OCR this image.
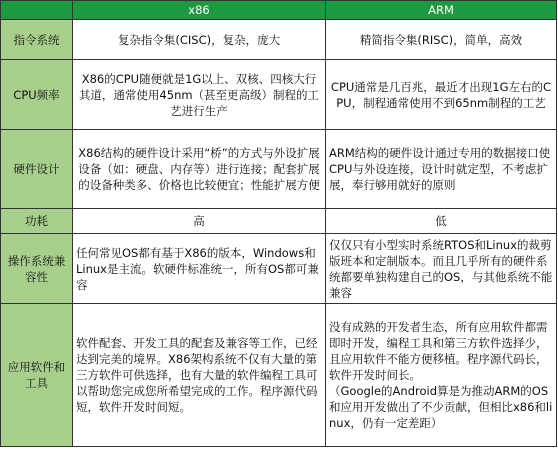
	x86	ARM
指令系统	复杂指令集(CISC)，复杂，庞大	精简指令集(RISC)，简单，高效
CPU频率	X86的CPU随便就是1G以上、双核、四核大行其道，通常使用45nm（甚至更高级）制程的工艺进行生产	CPU通常是几百兆，最近才出现1G左右的CPU，制程通常使用不到65nm制程的工艺
硬件设计	X86结构的硬件设计采用“桥”的方式与外设扩展设备（如：硬盘、内存等）进行连接；配套扩展的设备种类多、价格也比较便宜；性能扩展方便	ARM结构的硬件设计通过专用的数据接口使CPU与外设连接，设计时就定型，不考虑扩展，奉行够用就好的原则
功耗	高	低
操作系统兼容性	任何常见OS都有基于X86的版本，Windows和Linux是主流。软硬件标准统一，所有OS都可兼容	仅仅只有小型实时系统RTOS和Linux的裁剪版班本和定制版本。而且几乎所有的硬件系统都要单独构建自己的OS，与其他系统不能兼容
应用软件和工具	软件配套、开发工具的配套及兼容等工作，已经达到完美的境界。X86架构系统不仅有大量的第三方软件可供选择，也有大量的软件编程工具可以帮助您完成您所希望完成的工作。程序源代码短，软件开发时间短。	没有成熟的开发者生态，所有应用软件都需即时开发，编程工具和第三方软件选择少，且应用软件不能方便移植。程序源代码长，软件开发时间长。
（Google的Android算是为推动ARM的OS和应用开发做出了不少贡献，但相比x86和linux，仍有一定差距）
